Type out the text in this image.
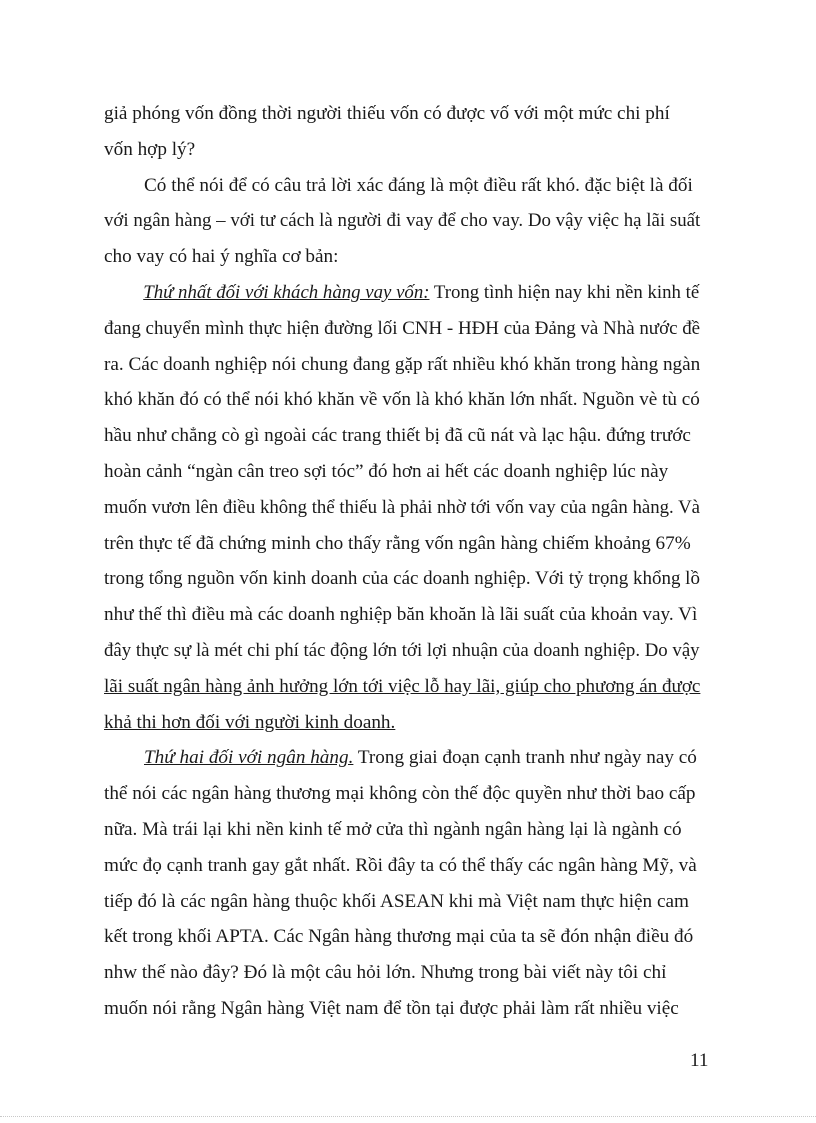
giả phóng vốn đồng thời người thiếu vốn có được vố với một mức chi phí
vốn hợp lý?
Có thể nói để có câu trả lời xác đáng là một điều rất khó. đặc biệt là đối
với ngân hàng – với tư cách là người đi vay để cho vay. Do vậy việc hạ lãi suất
cho vay có hai ý nghĩa cơ bản:
Thứ nhất đối với khách hàng vay vốn: Trong tình hiện nay khi nền kinh tế
đang chuyển mình thực hiện đường lối CNH - HĐH của Đảng và Nhà nước đề
ra. Các doanh nghiệp nói chung đang gặp rất nhiều khó khăn trong hàng ngàn
khó khăn đó có thể nói khó khăn về vốn là khó khăn lớn nhất. Nguồn vè tù có
hầu như chẳng cò gì ngoài các trang thiết bị đã cũ nát và lạc hậu. đứng trước
hoàn cảnh “ngàn cân treo sợi tóc” đó hơn ai hết các doanh nghiệp lúc này
muốn vươn lên điều không thể thiếu là phải nhờ tới vốn vay của ngân hàng. Và
trên thực tế đã chứng minh cho thấy rằng vốn ngân hàng chiếm khoảng 67%
trong tổng nguồn vốn kinh doanh của các doanh nghiệp. Với tỷ trọng khổng lồ
như thế thì điều mà các doanh nghiệp băn khoăn là lãi suất của khoản vay. Vì
đây thực sự là mét chi phí tác động lớn tới lợi nhuận của doanh nghiệp. Do vậy
lãi suất ngân hàng ảnh hưởng lớn tới việc lỗ hay lãi, giúp cho phương án được
khả thi hơn đối với người kinh doanh.
Thứ hai đối với ngân hàng. Trong giai đoạn cạnh tranh như ngày nay có
thể nói các ngân hàng thương mại không còn thế độc quyền như thời bao cấp
nữa. Mà trái lại khi nền kinh tế mở cửa thì ngành ngân hàng lại là ngành có
mức đọ cạnh tranh gay gắt nhất. Rồi đây ta có thể thấy các ngân hàng Mỹ, và
tiếp đó là các ngân hàng thuộc khối ASEAN khi mà Việt nam thực hiện cam
kết trong khối APTA. Các Ngân hàng thương mại của ta sẽ đón nhận điều đó
nhw thế nào đây? Đó là một câu hỏi lớn. Nhưng trong bài viết này tôi chỉ
muốn nói rằng Ngân hàng Việt nam để tồn tại được phải làm rất nhiều việc
11
